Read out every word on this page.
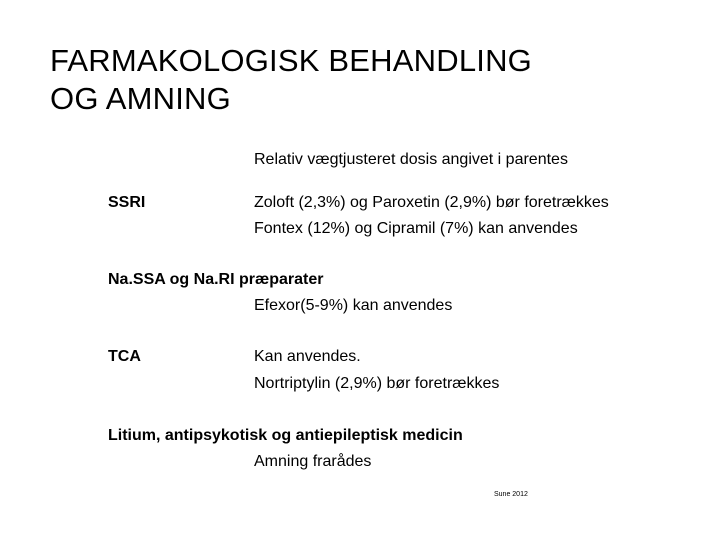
FARMAKOLOGISK BEHANDLING
OG AMNING
Relativ vægtjusteret dosis angivet i parentes
SSRI	Zoloft (2,3%) og Paroxetin (2,9%) bør foretrækkes
Fontex (12%) og Cipramil (7%) kan anvendes
Na.SSA og Na.RI præparater
Efexor(5-9%) kan anvendes
TCA	Kan anvendes.
Nortriptylin (2,9%) bør foretrækkes
Litium, antipsykotisk og antiepileptisk medicin
Amning frarådes
Sune 2012
